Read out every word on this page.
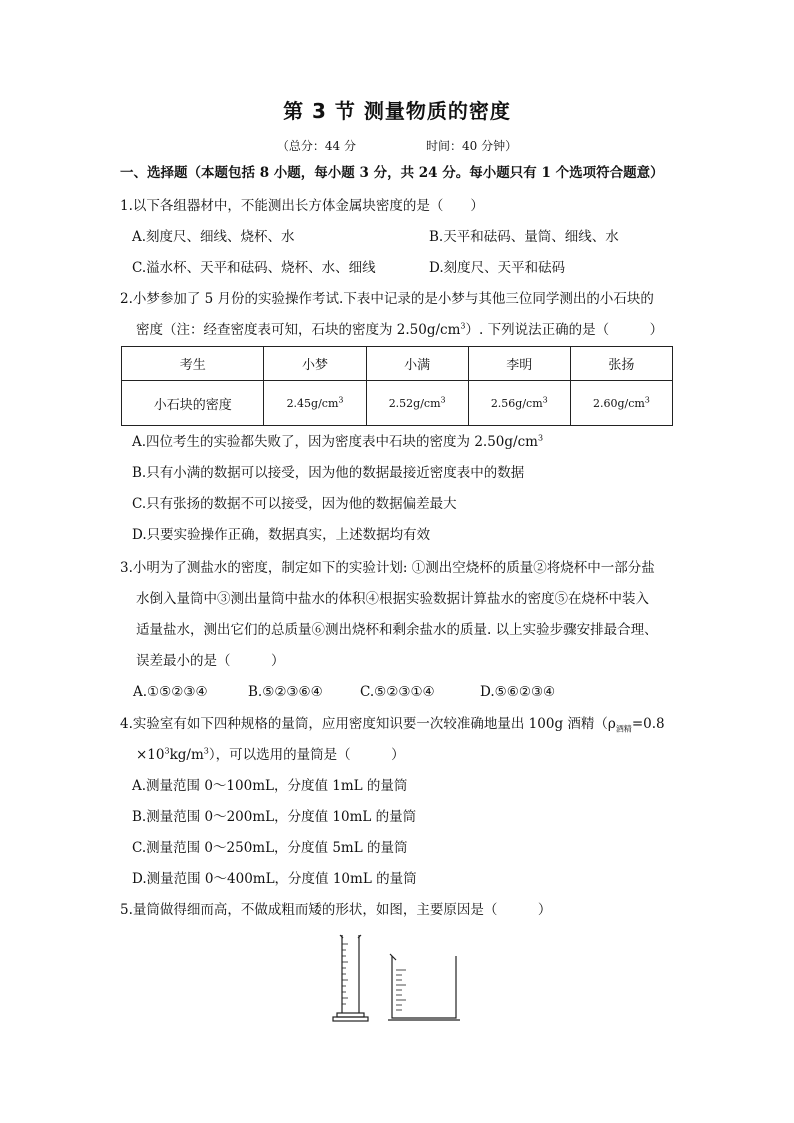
第 3 节 测量物质的密度
（总分：44 分	时间：40 分钟）
一、选择题（本题包括 8 小题，每小题 3 分，共 24 分。每小题只有 1 个选项符合题意）
1.以下各组器材中，不能测出长方体金属块密度的是（　　）
A.刻度尺、细线、烧杯、水	B.天平和砝码、量筒、细线、水
C.溢水杯、天平和砝码、烧杯、水、细线	D.刻度尺、天平和砝码
2.小梦参加了 5 月份的实验操作考试.下表中记录的是小梦与其他三位同学测出的小石块的
密度（注：经查密度表可知，石块的密度为 $2.50g/cm^3$）. 下列说法正确的是（　　　）
考生	小梦	小满	李明	张扬
小石块的密度	$2.45g/cm^3$	$2.52g/cm^3$	$2.56g/cm^3$	$2.60g/cm^3$
A.四位考生的实验都失败了，因为密度表中石块的密度为 $2.50g/cm^3$
B.只有小满的数据可以接受，因为他的数据最接近密度表中的数据
C.只有张扬的数据不可以接受，因为他的数据偏差最大
D.只要实验操作正确，数据真实，上述数据均有效
3.小明为了测盐水的密度，制定如下的实验计划: ①测出空烧杯的质量②将烧杯中一部分盐
水倒入量筒中③测出量筒中盐水的体积④根据实验数据计算盐水的密度⑤在烧杯中装入
适量盐水，测出它们的总质量⑥测出烧杯和剩余盐水的质量. 以上实验步骤安排最合理、
误差最小的是（　　　）
A.①⑤②③④	B.⑤②③⑥④	C.⑤②③①④	D.⑤⑥②③④
4.实验室有如下四种规格的量筒，应用密度知识要一次较准确地量出 100g 酒精（$\rho_{酒精}=0.8$
$\times 10^3kg/m^3$），可以选用的量筒是（　　　）
A.测量范围 0～100mL，分度值 1mL 的量筒
B.测量范围 0～200mL，分度值 10mL 的量筒
C.测量范围 0～250mL，分度值 5mL 的量筒
D.测量范围 0～400mL，分度值 10mL 的量筒
5.量筒做得细而高，不做成粗而矮的形状，如图，主要原因是（　　　）
